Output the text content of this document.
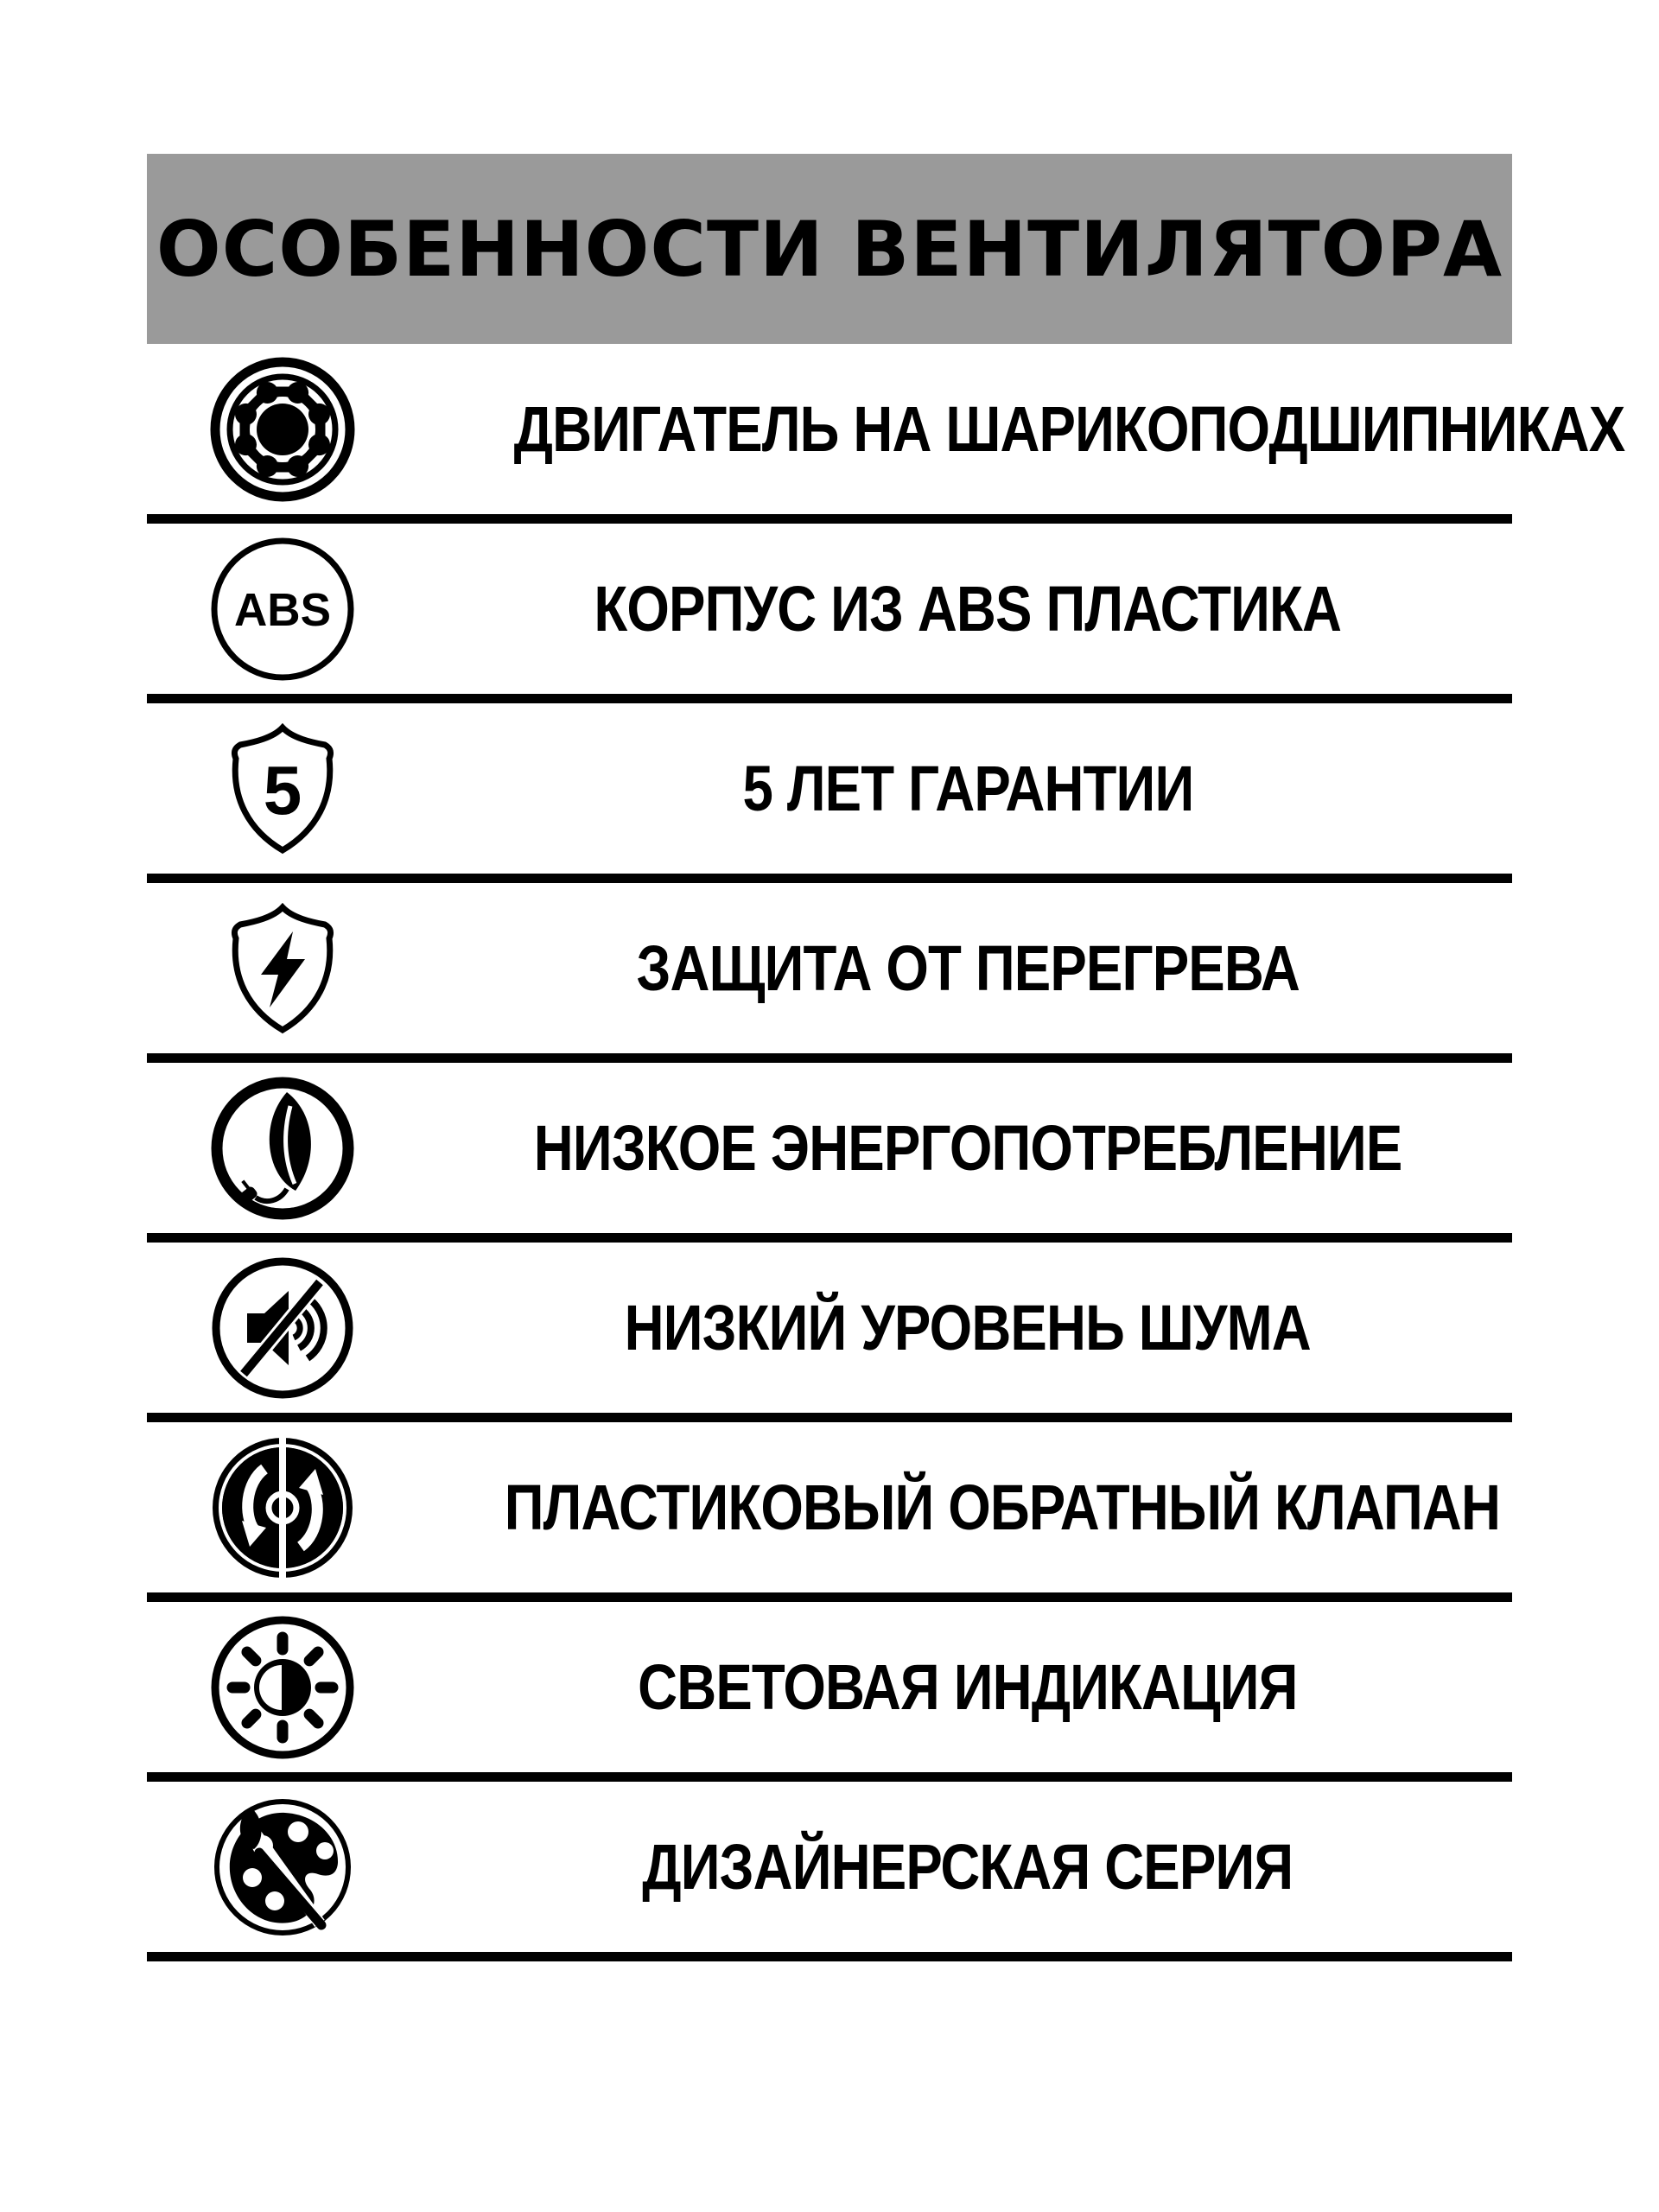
ОСОБЕННОСТИ ВЕНТИЛЯТОРА
ДВИГАТЕЛЬ НА ШАРИКОПОДШИПНИКАХ
ABS	КОРПУС ИЗ ABS ПЛАСТИКА
5	5 ЛЕТ ГАРАНТИИ
ЗАЩИТА ОТ ПЕРЕГРЕВА
НИЗКОЕ ЭНЕРГОПОТРЕБЛЕНИЕ
НИЗКИЙ УРОВЕНЬ ШУМА
ПЛАСТИКОВЫЙ ОБРАТНЫЙ КЛАПАН
СВЕТОВАЯ ИНДИКАЦИЯ
ДИЗАЙНЕРСКАЯ СЕРИЯ
